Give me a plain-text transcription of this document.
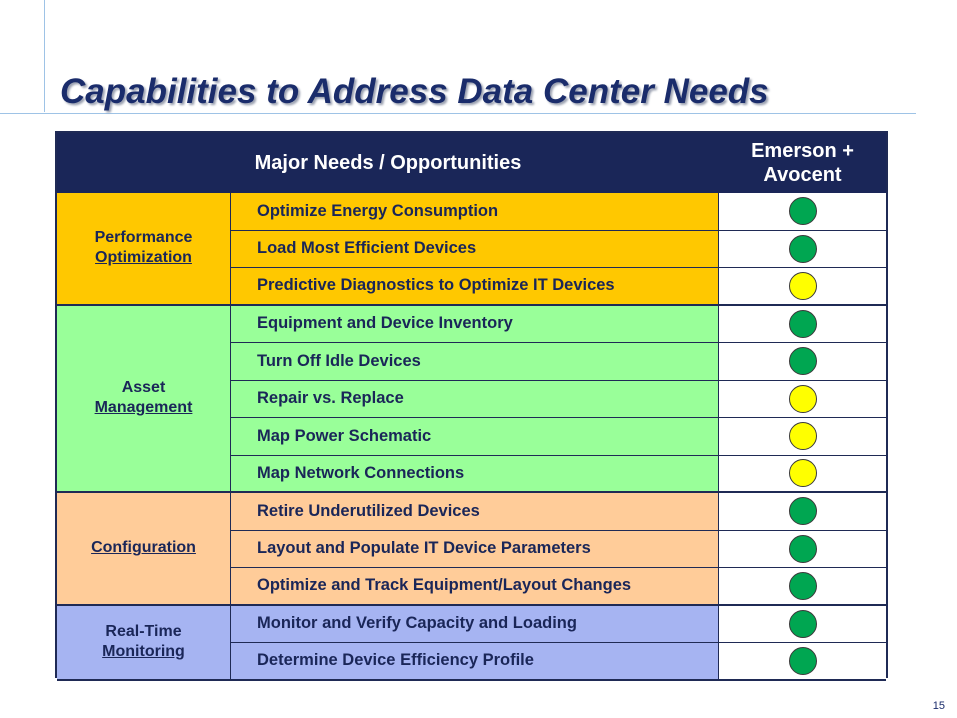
Capabilities to Address Data Center Needs
Major Needs / Opportunities
Emerson +
Avocent
Performance
Optimization
Optimize Energy Consumption
Load Most Efficient Devices
Predictive Diagnostics to Optimize IT Devices
Asset
Management
Equipment and Device Inventory
Turn Off Idle Devices
Repair vs. Replace
Map Power Schematic
Map Network Connections
Configuration
Retire Underutilized Devices
Layout and Populate IT Device Parameters
Optimize and Track Equipment/Layout Changes
Real-Time
Monitoring
Monitor and Verify Capacity and Loading
Determine Device Efficiency Profile
15
